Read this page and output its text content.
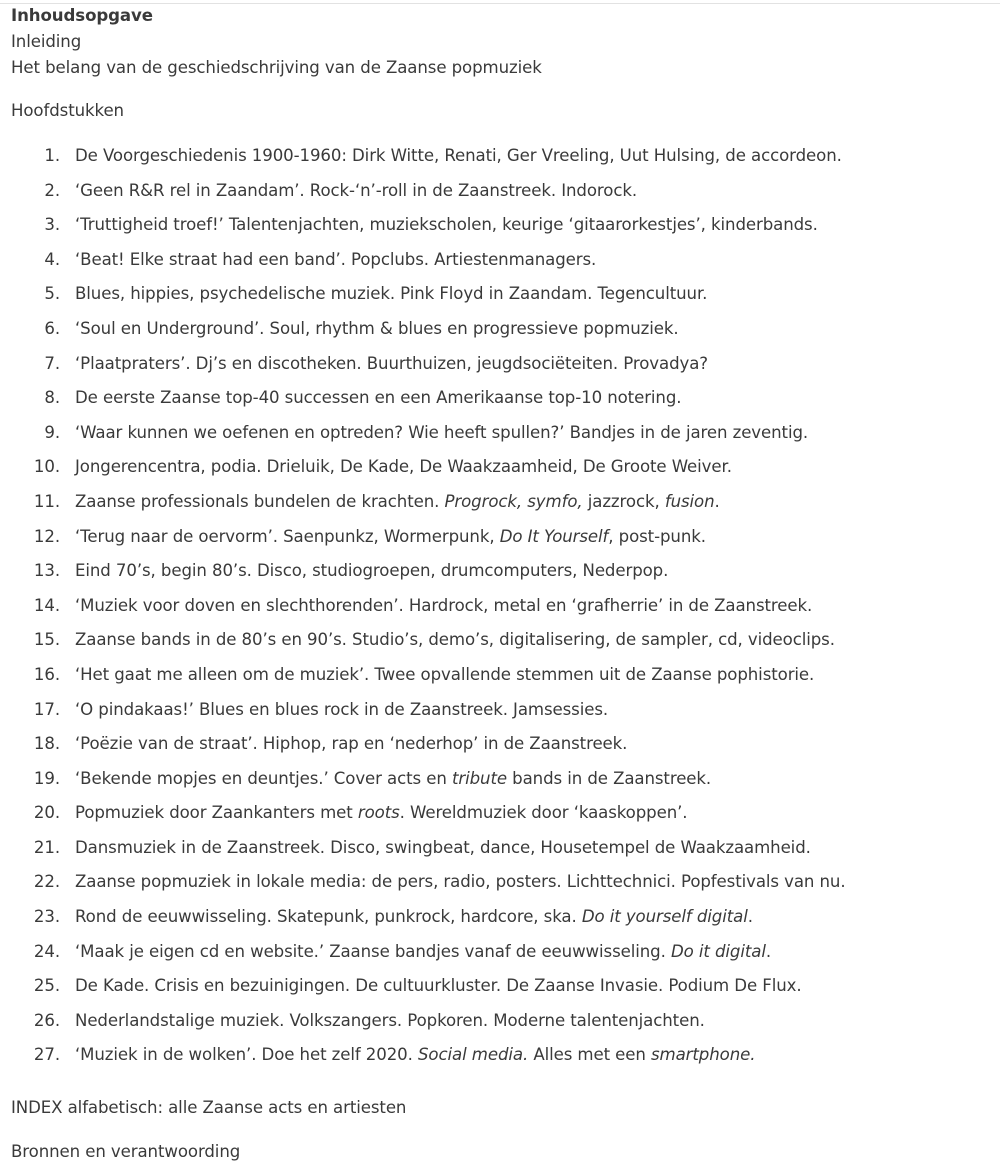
Inhoudsopgave
Inleiding
Het belang van de geschiedschrijving van de Zaanse popmuziek
Hoofdstukken
1. De Voorgeschiedenis 1900-1960: Dirk Witte, Renati, Ger Vreeling, Uut Hulsing, de accordeon.
2. ‘Geen R&R rel in Zaandam’. Rock-‘n’-roll in de Zaanstreek. Indorock.
3. ‘Truttigheid troef!’ Talentenjachten, muziekscholen, keurige ‘gitaarorkestjes’, kinderbands.
4. ‘Beat! Elke straat had een band’. Popclubs. Artiestenmanagers.
5. Blues, hippies, psychedelische muziek. Pink Floyd in Zaandam. Tegencultuur.
6. ‘Soul en Underground’. Soul, rhythm & blues en progressieve popmuziek.
7. ‘Plaatpraters’. Dj’s en discotheken. Buurthuizen, jeugdsociëteiten. Provadya?
8. De eerste Zaanse top-40 successen en een Amerikaanse top-10 notering.
9. ‘Waar kunnen we oefenen en optreden? Wie heeft spullen?’ Bandjes in de jaren zeventig.
10. Jongerencentra, podia. Drieluik, De Kade, De Waakzaamheid, De Groote Weiver.
11. Zaanse professionals bundelen de krachten. Progrock, symfo, jazzrock, fusion.
12. ‘Terug naar de oervorm’. Saenpunkz, Wormerpunk, Do It Yourself, post-punk.
13. Eind 70’s, begin 80’s. Disco, studiogroepen, drumcomputers, Nederpop.
14. ‘Muziek voor doven en slechthorenden’. Hardrock, metal en ‘grafherrie’ in de Zaanstreek.
15. Zaanse bands in de 80’s en 90’s. Studio’s, demo’s, digitalisering, de sampler, cd, videoclips.
16. ‘Het gaat me alleen om de muziek’. Twee opvallende stemmen uit de Zaanse pophistorie.
17. ‘O pindakaas!’ Blues en blues rock in de Zaanstreek. Jamsessies.
18. ‘Poëzie van de straat’. Hiphop, rap en ‘nederhop’ in de Zaanstreek.
19. ‘Bekende mopjes en deuntjes.’ Cover acts en tribute bands in de Zaanstreek.
20. Popmuziek door Zaankanters met roots. Wereldmuziek door ‘kaaskoppen’.
21. Dansmuziek in de Zaanstreek. Disco, swingbeat, dance, Housetempel de Waakzaamheid.
22. Zaanse popmuziek in lokale media: de pers, radio, posters. Lichttechnici. Popfestivals van nu.
23. Rond de eeuwwisseling. Skatepunk, punkrock, hardcore, ska. Do it yourself digital.
24. ‘Maak je eigen cd en website.’ Zaanse bandjes vanaf de eeuwwisseling. Do it digital.
25. De Kade. Crisis en bezuinigingen. De cultuurkluster. De Zaanse Invasie. Podium De Flux.
26. Nederlandstalige muziek. Volkszangers. Popkoren. Moderne talentenjachten.
27. ‘Muziek in de wolken’. Doe het zelf 2020. Social media. Alles met een smartphone.
INDEX alfabetisch: alle Zaanse acts en artiesten
Bronnen en verantwoording
